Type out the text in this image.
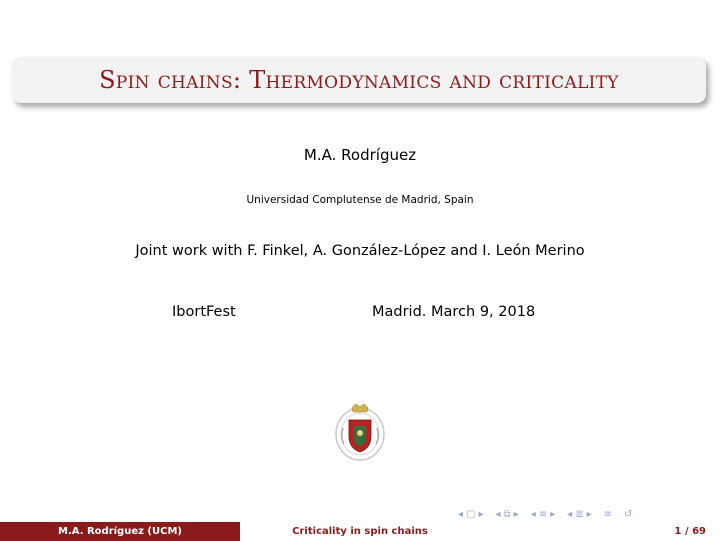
Spin chains: Thermodynamics and criticality
M.A. Rodríguez
Universidad Complutense de Madrid, Spain
Joint work with F. Finkel, A. González-López and I. León Merino
IbortFest	Madrid. March 9, 2018
◂ ▢ ▸ ◂ ⧉ ▸ ◂ ≡ ▸ ◂ ≣ ▸ ≡ ↺
M.A. Rodríguez (UCM)	Criticality in spin chains	1 / 69
